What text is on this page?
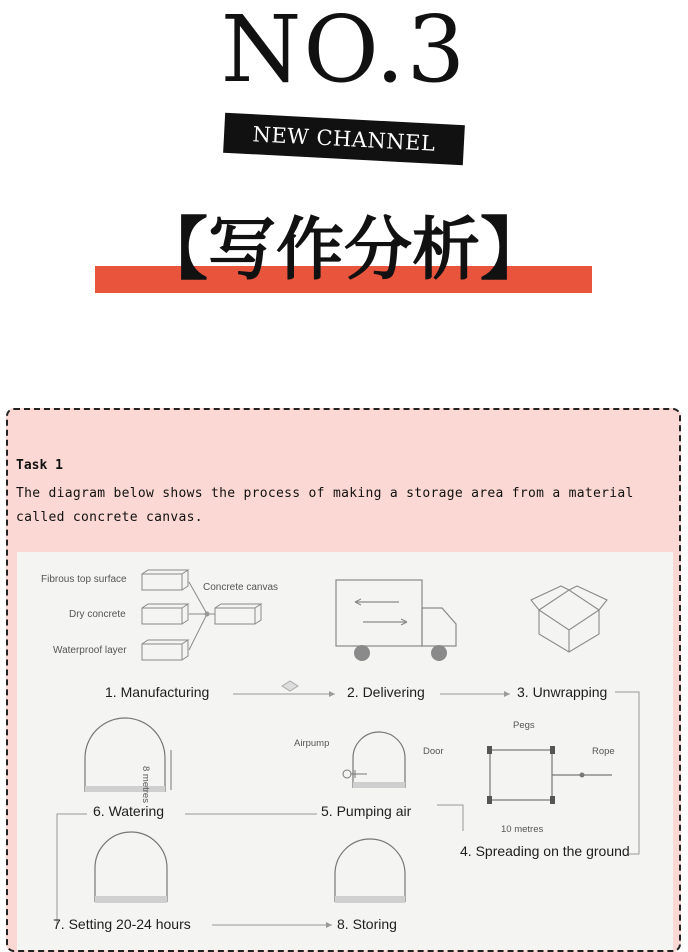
NO.3
NEW CHANNEL
【写作分析】
Task 1
The diagram below shows the process of making a storage area from a material called concrete canvas.
Fibrous top surface
Dry concrete
Waterproof layer
Concrete canvas
1. Manufacturing	2. Delivering	3. Unwrapping
4. Spreading on the ground
5. Pumping air
6. Watering
7. Setting 20-24 hours	8. Storing
Pegs
Rope
10 metres
Airpump
Door
8 metres
